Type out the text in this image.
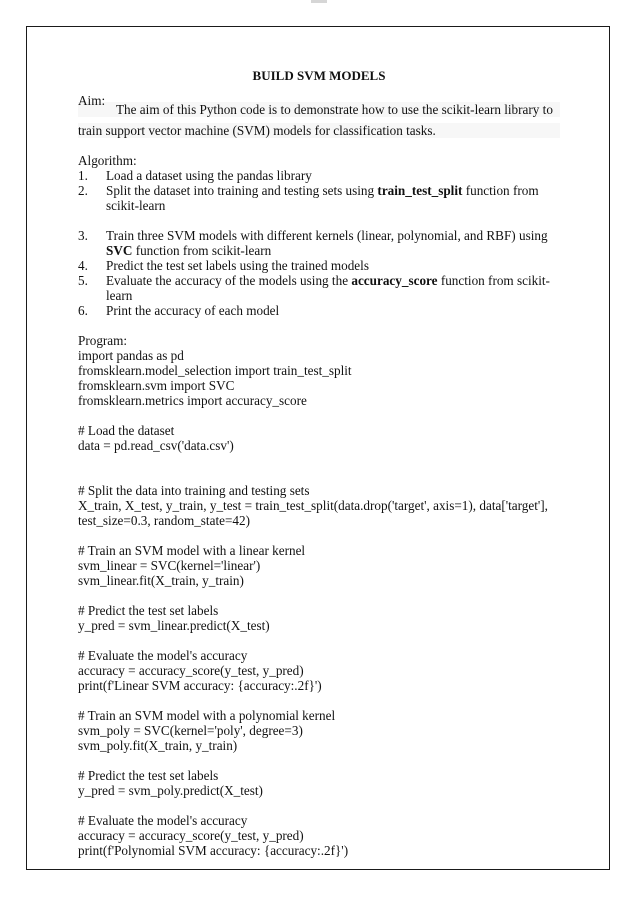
BUILD SVM MODELS
Aim:
The aim of this Python code is to demonstrate how to use the scikit-learn library to
train support vector machine (SVM) models for classification tasks.
Algorithm:
1. Load a dataset using the pandas library
2. Split the dataset into training and testing sets using train_test_split function from scikit-learn
3. Train three SVM models with different kernels (linear, polynomial, and RBF) using SVC function from scikit-learn
4. Predict the test set labels using the trained models
5. Evaluate the accuracy of the models using the accuracy_score function from scikit-learn
6. Print the accuracy of each model
Program:
import pandas as pd
fromsklearn.model_selection import train_test_split
fromsklearn.svm import SVC
fromsklearn.metrics import accuracy_score
# Load the dataset
data = pd.read_csv('data.csv')
# Split the data into training and testing sets
X_train, X_test, y_train, y_test = train_test_split(data.drop('target', axis=1), data['target'],
test_size=0.3, random_state=42)
# Train an SVM model with a linear kernel
svm_linear = SVC(kernel='linear')
svm_linear.fit(X_train, y_train)
# Predict the test set labels
y_pred = svm_linear.predict(X_test)
# Evaluate the model's accuracy
accuracy = accuracy_score(y_test, y_pred)
print(f'Linear SVM accuracy: {accuracy:.2f}')
# Train an SVM model with a polynomial kernel
svm_poly = SVC(kernel='poly', degree=3)
svm_poly.fit(X_train, y_train)
# Predict the test set labels
y_pred = svm_poly.predict(X_test)
# Evaluate the model's accuracy
accuracy = accuracy_score(y_test, y_pred)
print(f'Polynomial SVM accuracy: {accuracy:.2f}')
